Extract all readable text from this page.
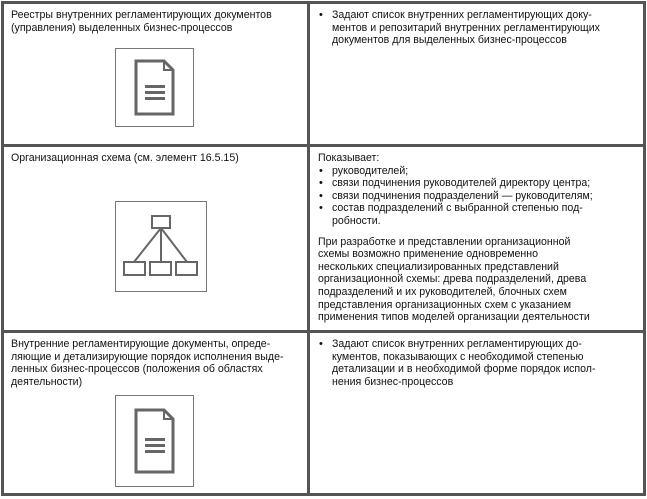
Реестры внутренних регламентирующих документов
(управления) выделенных бизнес-процессов
• Задают список внутренних регламентирующих доку-
ментов и репозитарий внутренних регламентирующих
документов для выделенных бизнес-процессов
Организационная схема (см. элемент 16.5.15)	Показывает:
• руководителей;
• связи подчинения руководителей директору центра;
• связи подчинения подразделений — руководителям;
• состав подразделений с выбранной степенью под-
робности.

При разработке и представлении организационной
схемы возможно применение одновременно
нескольких специализированных представлений
организационной схемы: древа подразделений, древа
подразделений и их руководителей, блочных схем
представления организационных схем с указанием
применения типов моделей организации деятельности

Внутренние регламентирующие документы, опреде-
ляющие и детализирующие порядок исполнения выде-
ленных бизнес-процессов (положения об областях
деятельности)
• Задают список внутренних регламентирующих до-
кументов, показывающих с необходимой степенью
детализации и в необходимой форме порядок испол-
нения бизнес-процессов
